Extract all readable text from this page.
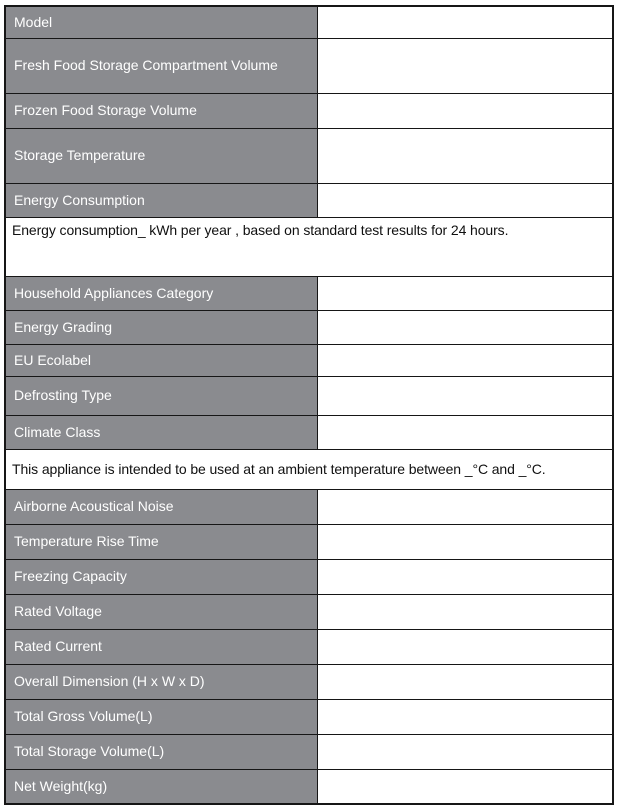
Model	
Fresh Food Storage Compartment Volume	
Frozen Food Storage Volume	
Storage Temperature	
Energy Consumption	
Energy consumption_ kWh per year , based on standard test results for 24 hours.	
Household Appliances Category	
Energy Grading	
EU Ecolabel	
Defrosting Type	
Climate Class	
This appliance is intended to be used at an ambient temperature between _°C and _°C.	
Airborne Acoustical Noise	
Temperature Rise Time	
Freezing Capacity	
Rated Voltage	
Rated Current	
Overall Dimension (H x W x D)	
Total Gross Volume(L)	
Total Storage Volume(L)	
Net Weight(kg)	
